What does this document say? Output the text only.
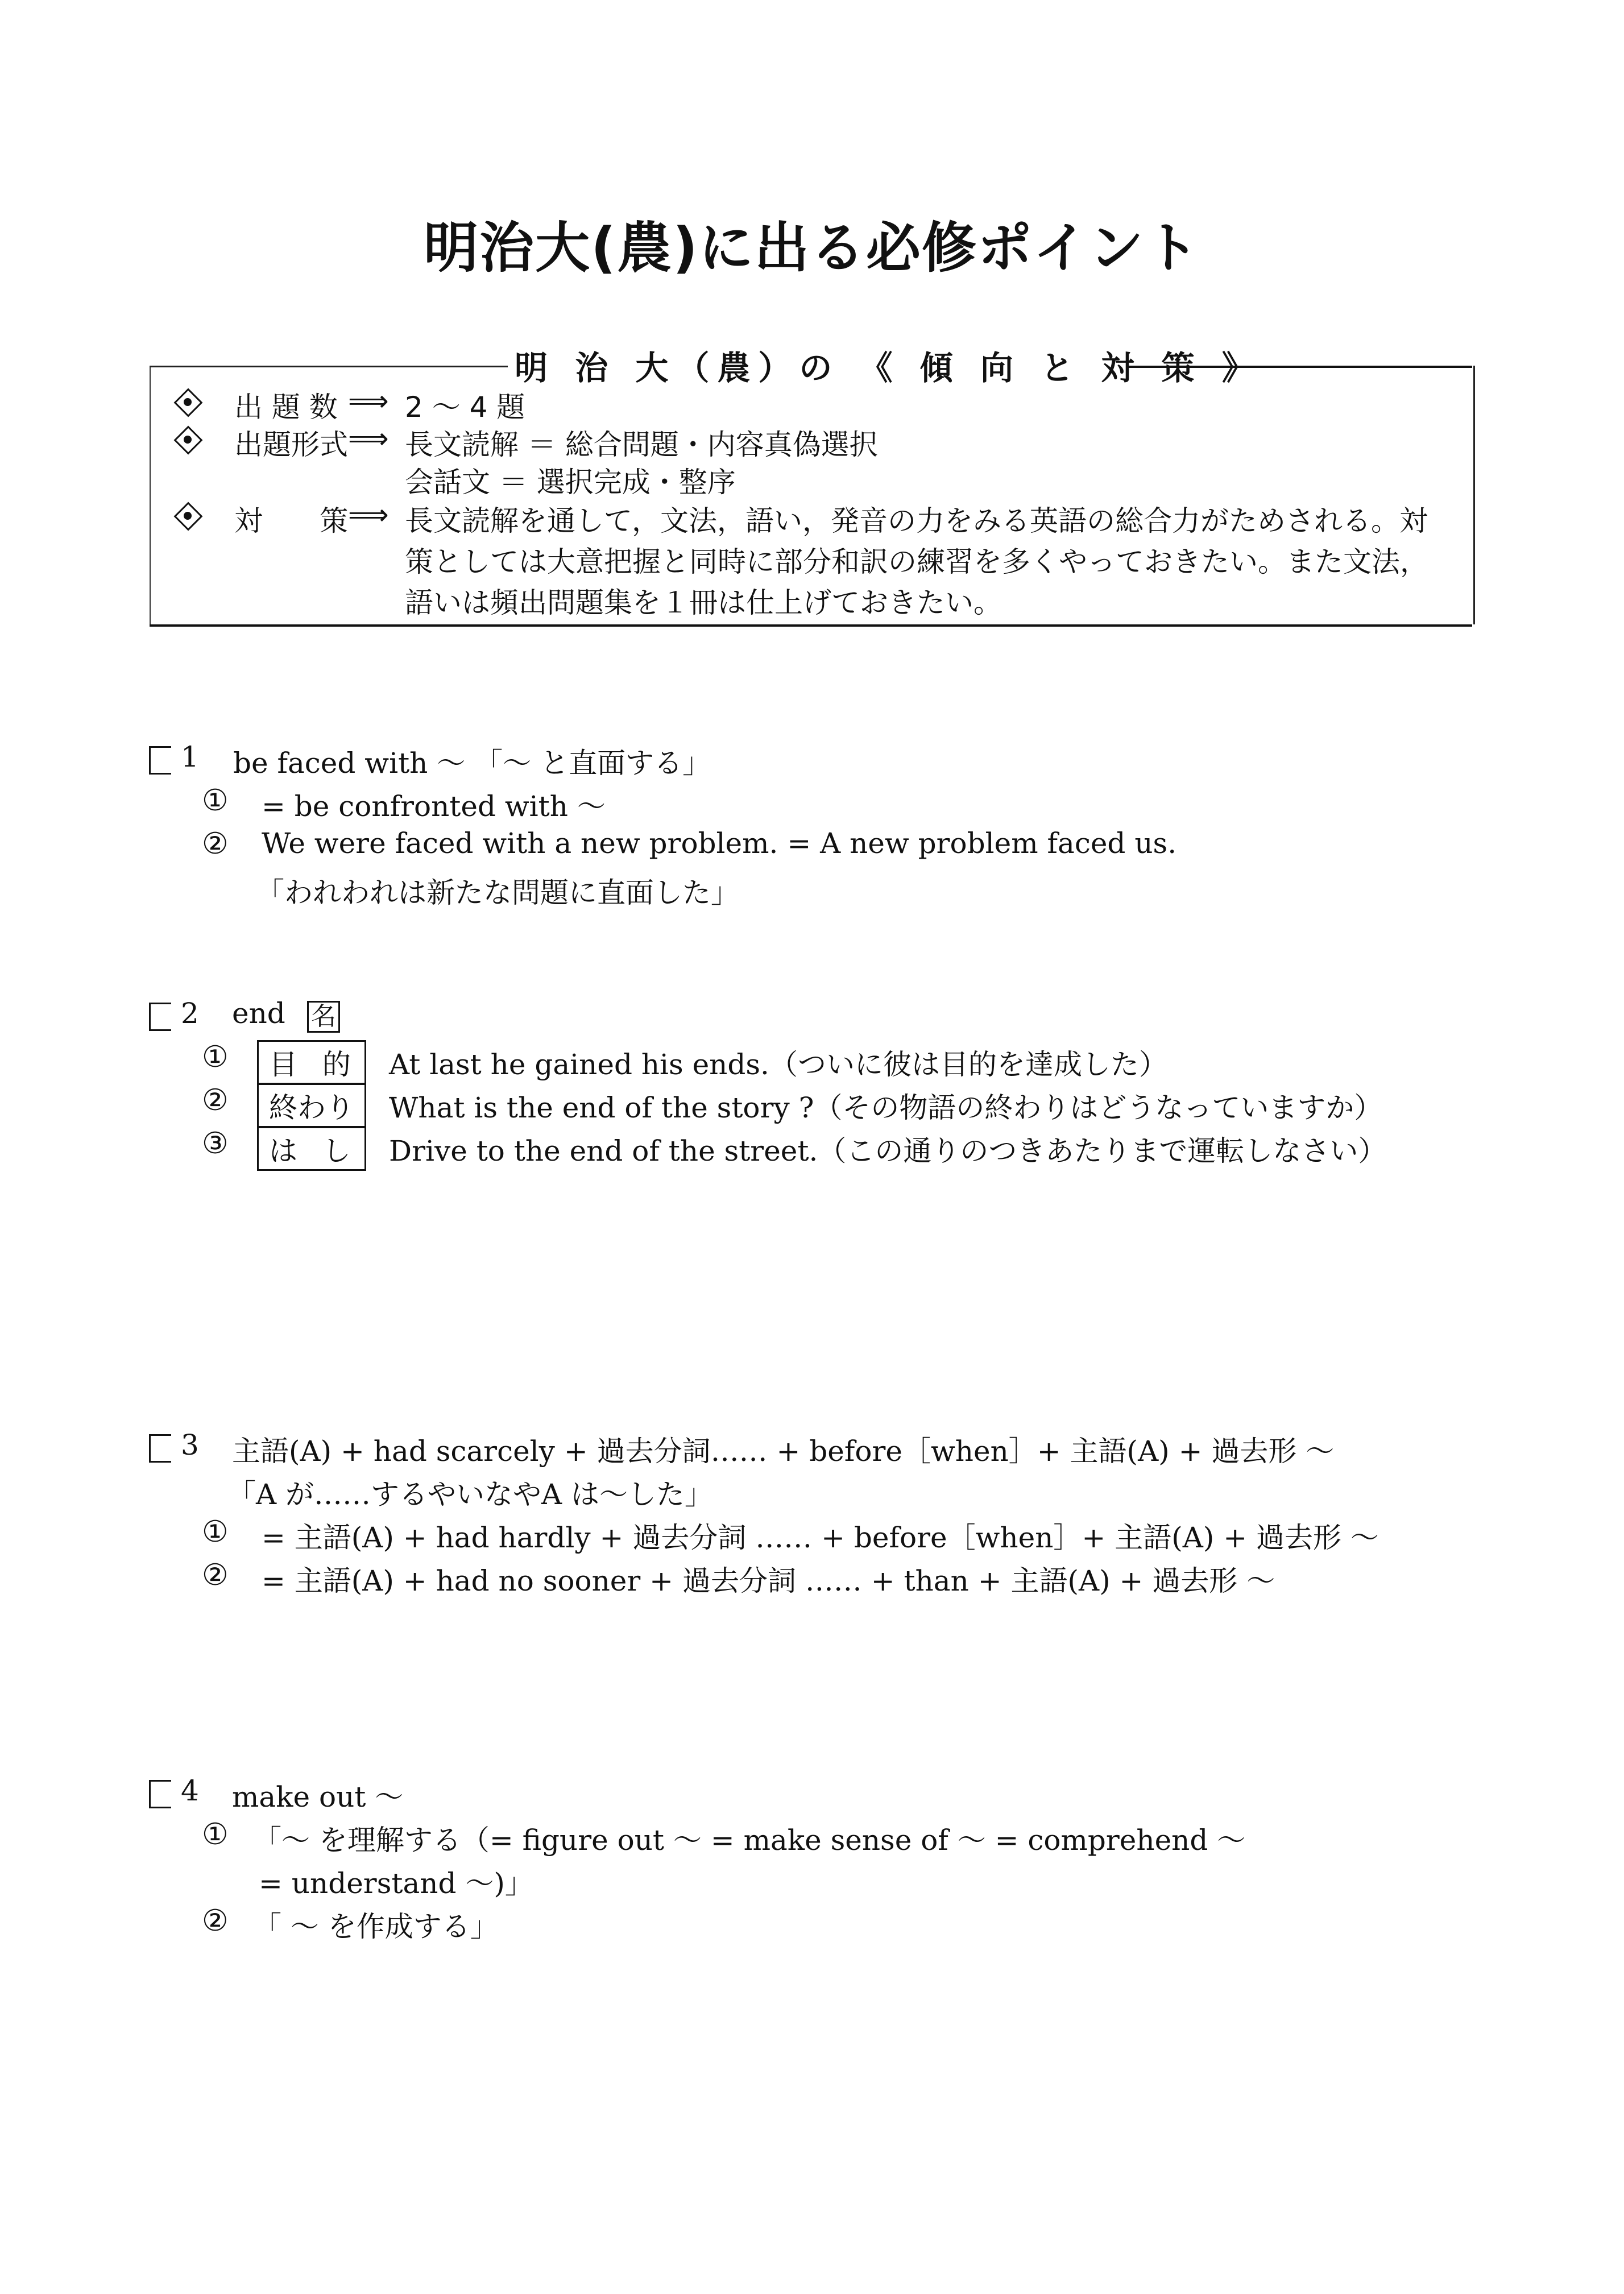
明治大(農)に出る必修ポイント
明 治 大（農）の 《 傾 向 と 対 策 》
出 題 数 ⟹ 2 ～ 4 題
出題形式 ⟹ 長文読解 ＝ 総合問題・内容真偽選択
会話文 ＝ 選択完成・整序
対　　策 ⟹ 長文読解を通して，文法，語い，発音の力をみる英語の総合力がためされる。対
策としては大意把握と同時に部分和訳の練習を多くやっておきたい。また文法，
語いは頻出問題集を１冊は仕上げておきたい。
1 be faced with ～ 「～ と直面する」
① = be confronted with ～
② We were faced with a new problem. = A new problem faced us.
「われわれは新たな問題に直面した」
2 end 名
①	目 的 At last he gained his ends.（ついに彼は目的を達成した）
②	終わり What is the end of the story ?（その物語の終わりはどうなっていますか）
③	は し Drive to the end of the street.（この通りのつきあたりまで運転しなさい）
3 主語(A) + had scarcely + 過去分詞…… + before［when］+ 主語(A) + 過去形 ～
「A が……するやいなやA は～した」
① = 主語(A) + had hardly + 過去分詞 …… + before［when］+ 主語(A) + 過去形 ～
② = 主語(A) + had no sooner + 過去分詞 …… + than + 主語(A) + 過去形 ～
4 make out ～
① 「～ を理解する（= figure out ～ = make sense of ～ = comprehend ～
= understand ～)」
② 「 ～ を作成する」
